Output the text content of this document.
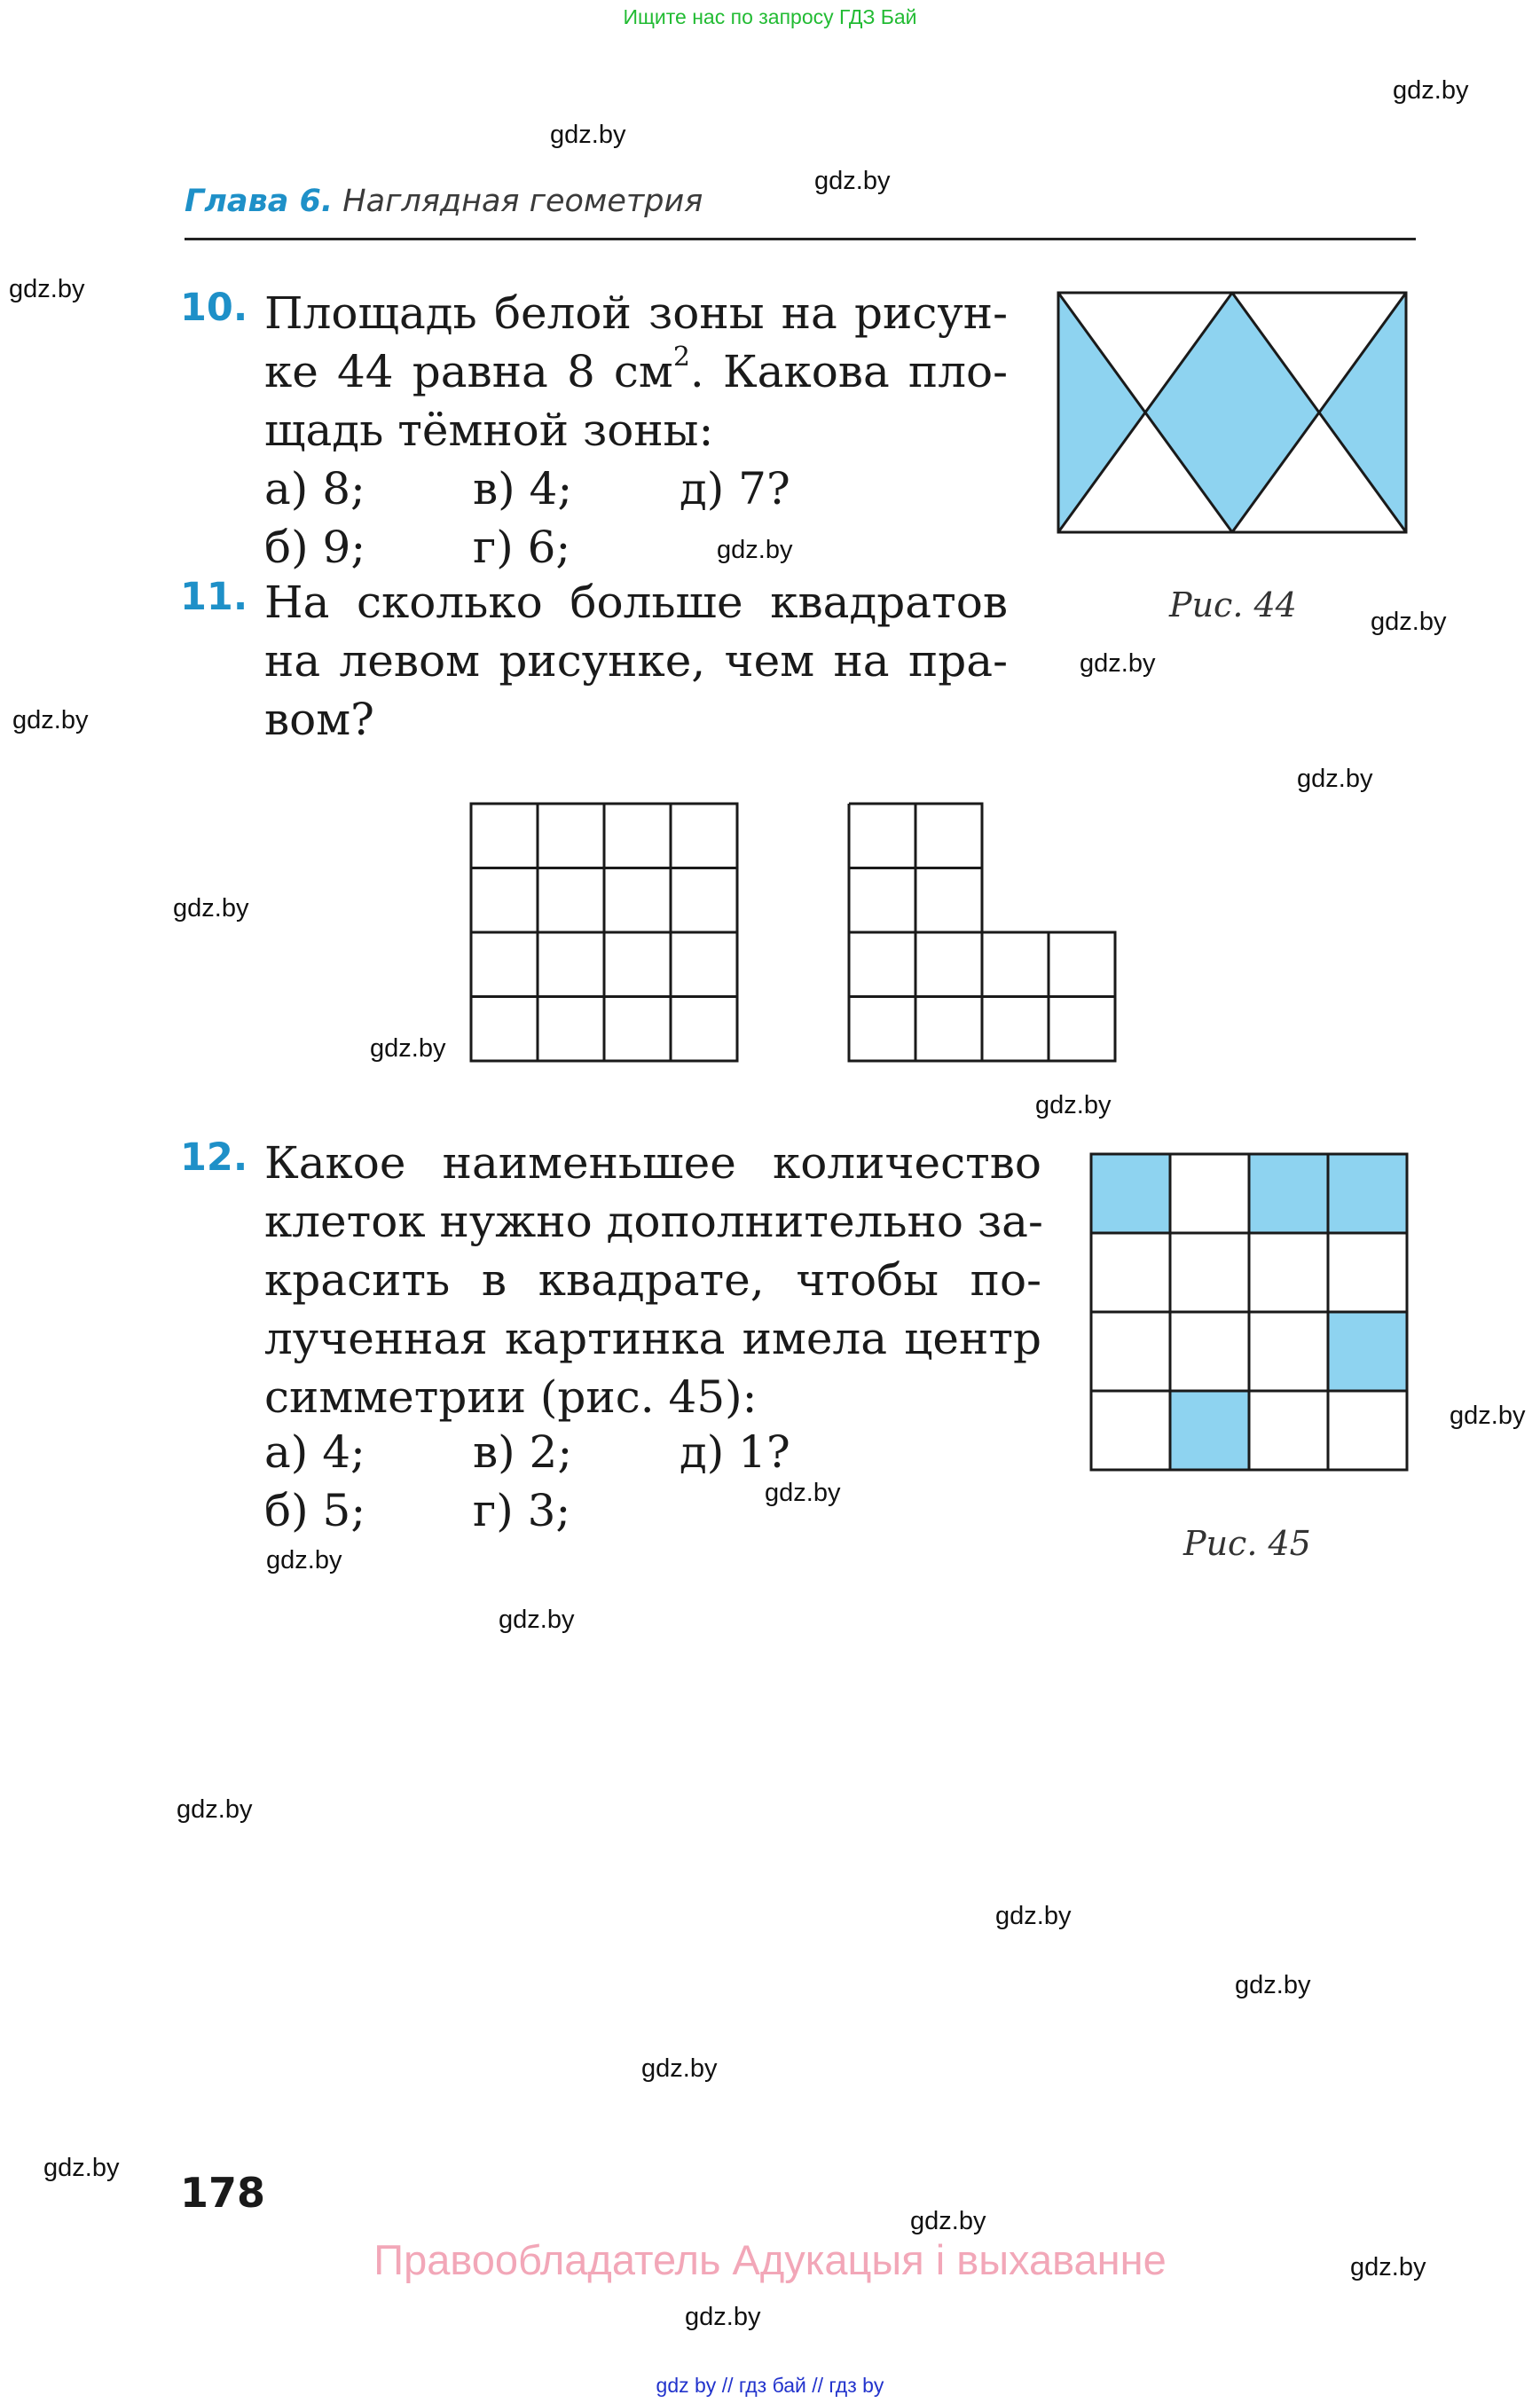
Ищите нас по запросу ГДЗ Бай
gdz.by
gdz.by
gdz.by
gdz.by
gdz.by
gdz.by
gdz.by
gdz.by
gdz.by
gdz.by
gdz.by
gdz.by
gdz.by
gdz.by
gdz.by
gdz.by
gdz.by
gdz.by
gdz.by
gdz.by
gdz.by
gdz.by
gdz.by
gdz.by
Глава 6. Наглядная геометрия
10. Площадь белой зоны на рисун-
ке 44 равна 8 $см^2$. Какова пло-
щадь тёмной зоны:
а) 8; в) 4; д) 7?
б) 9; г) 6;
Рис. 44
11. На сколько больше квадратов
на левом рисунке, чем на пра-
вом?
12. Какое наименьшее количество
клеток нужно дополнительно за-
красить в квадрате, чтобы по-
лученная картинка имела центр
симметрии (рис. 45):
а) 4; в) 2; д) 1?
б) 5; г) 3;
Рис. 45
178
Правообладатель Адукацыя і выхаванне
gdz by // гдз бай // гдз by
